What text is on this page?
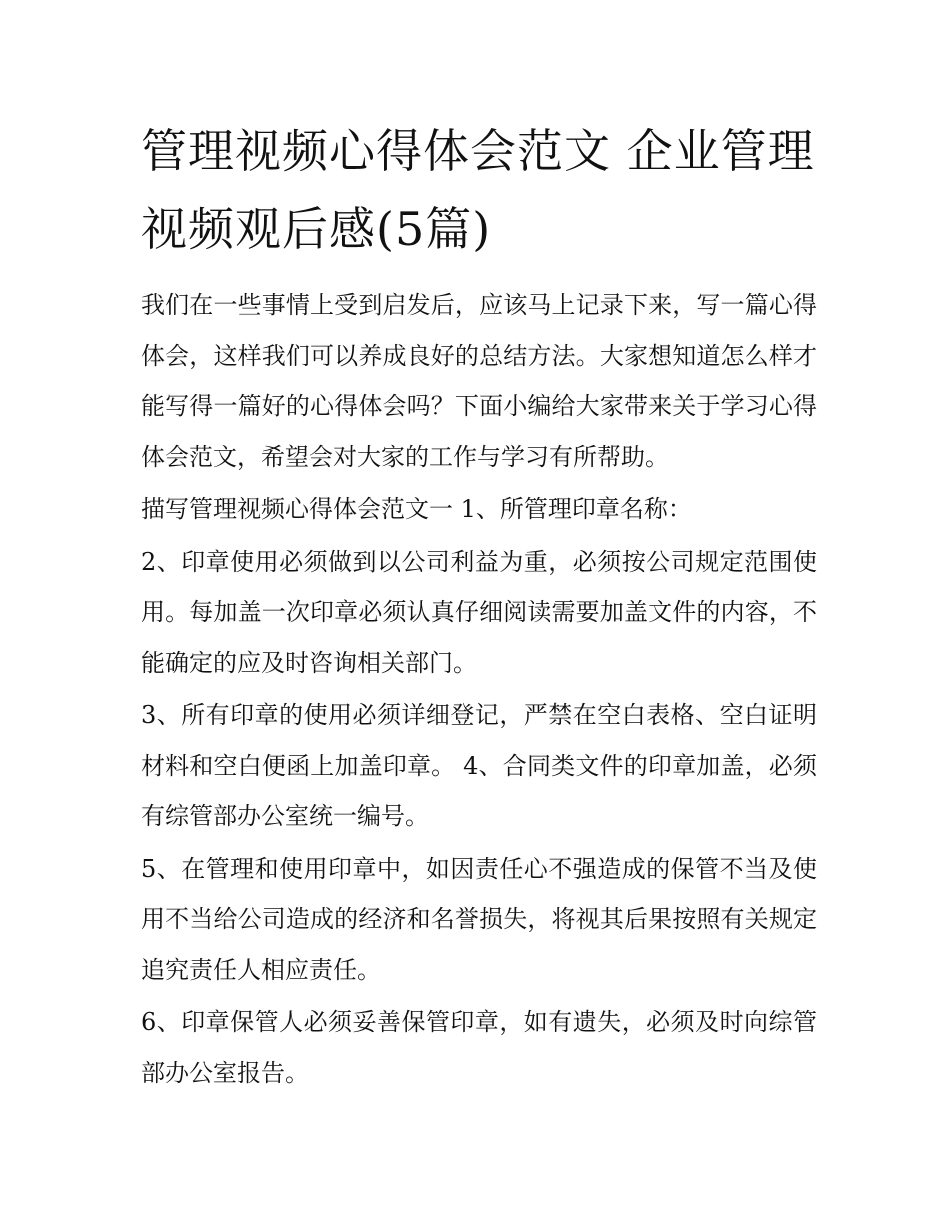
管理视频心得体会范文 企业管理视频观后感(5篇)

我们在一些事情上受到启发后，应该马上记录下来，写一篇心得体会，这样我们可以养成良好的总结方法。大家想知道怎么样才能写得一篇好的心得体会吗？下面小编给大家带来关于学习心得体会范文，希望会对大家的工作与学习有所帮助。

描写管理视频心得体会范文一 1、所管理印章名称：

2、印章使用必须做到以公司利益为重，必须按公司规定范围使用。每加盖一次印章必须认真仔细阅读需要加盖文件的内容，不能确定的应及时咨询相关部门。

3、所有印章的使用必须详细登记，严禁在空白表格、空白证明材料和空白便函上加盖印章。 4、合同类文件的印章加盖，必须有综管部办公室统一编号。

5、在管理和使用印章中，如因责任心不强造成的保管不当及使用不当给公司造成的经济和名誉损失，将视其后果按照有关规定追究责任人相应责任。

6、印章保管人必须妥善保管印章，如有遗失，必须及时向综管部办公室报告。
